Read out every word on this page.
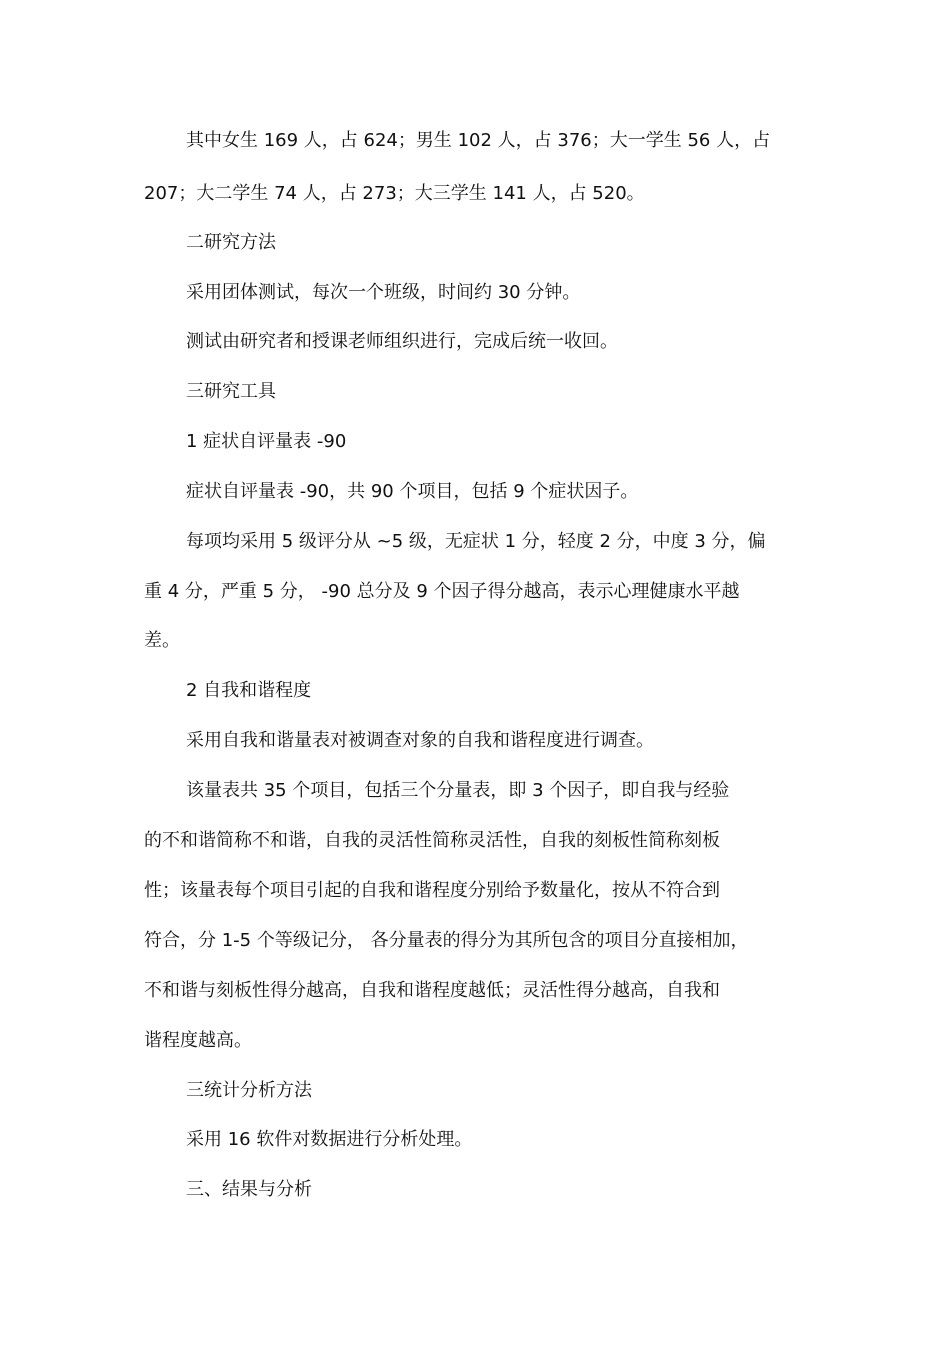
其中女生 169 人，占 624；男生 102 人，占 376；大一学生 56 人，占
207；大二学生 74 人，占 273；大三学生 141 人，占 520。
二研究方法
采用团体测试，每次一个班级，时间约 30 分钟。
测试由研究者和授课老师组织进行，完成后统一收回。
三研究工具
1 症状自评量表 -90
症状自评量表 -90，共 90 个项目，包括 9 个症状因子。
每项均采用 5 级评分从 ~5 级，无症状 1 分，轻度 2 分，中度 3 分，偏
重 4 分，严重 5 分， -90 总分及 9 个因子得分越高，表示心理健康水平越
差。
2 自我和谐程度
采用自我和谐量表对被调查对象的自我和谐程度进行调查。
该量表共 35 个项目，包括三个分量表，即 3 个因子，即自我与经验
的不和谐简称不和谐，自我的灵活性简称灵活性，自我的刻板性简称刻板
性；该量表每个项目引起的自我和谐程度分别给予数量化，按从不符合到
符合，分 1-5 个等级记分， 各分量表的得分为其所包含的项目分直接相加，
不和谐与刻板性得分越高，自我和谐程度越低；灵活性得分越高，自我和
谐程度越高。
三统计分析方法
采用 16 软件对数据进行分析处理。
三、结果与分析
